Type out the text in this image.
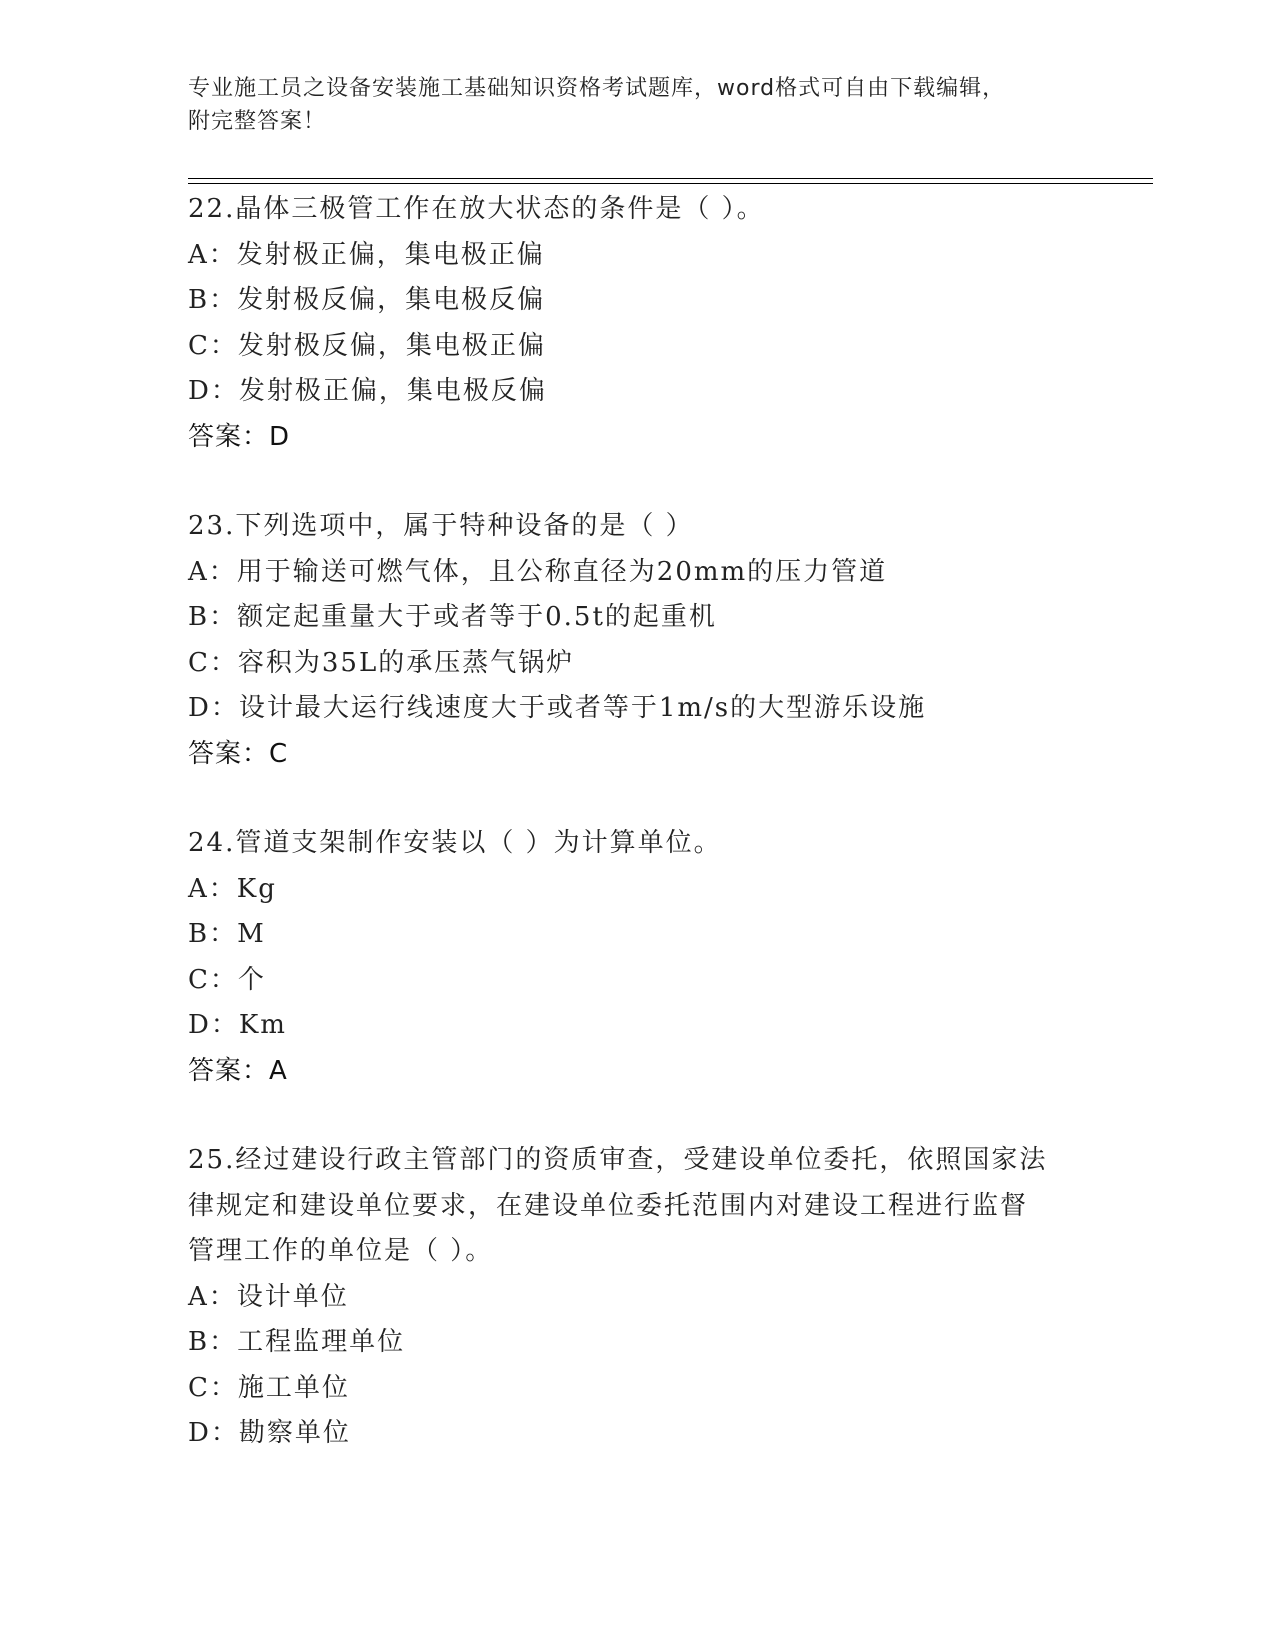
专业施工员之设备安装施工基础知识资格考试题库，word格式可自由下载编辑，
附完整答案！
22.晶体三极管工作在放大状态的条件是（ ）。
A：发射极正偏，集电极正偏
B：发射极反偏，集电极反偏
C：发射极反偏，集电极正偏
D：发射极正偏，集电极反偏
答案：D
23.下列选项中，属于特种设备的是（ ）
A：用于输送可燃气体，且公称直径为20mm的压力管道
B：额定起重量大于或者等于0.5t的起重机
C：容积为35L的承压蒸气锅炉
D：设计最大运行线速度大于或者等于1m/s的大型游乐设施
答案：C
24.管道支架制作安装以（ ）为计算单位。
A：Kg
B：M
C：个
D：Km
答案：A
25.经过建设行政主管部门的资质审查，受建设单位委托，依照国家法
律规定和建设单位要求，在建设单位委托范围内对建设工程进行监督
管理工作的单位是（ ）。
A：设计单位
B：工程监理单位
C：施工单位
D：勘察单位
